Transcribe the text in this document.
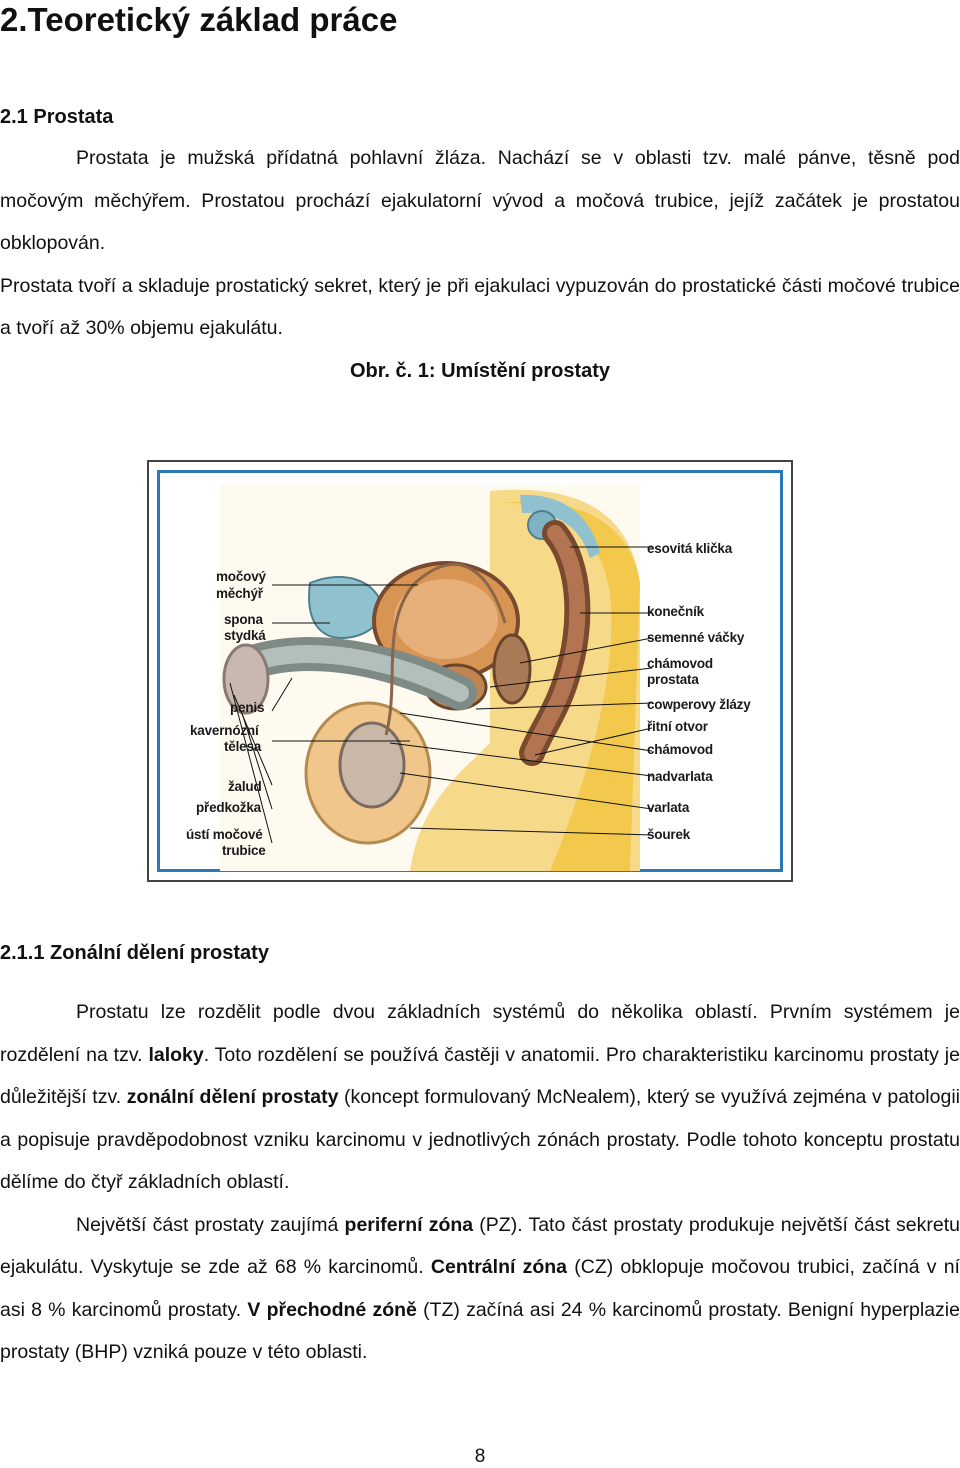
2.Teoretický základ práce
2.1 Prostata

Prostata je mužská přídatná pohlavní žláza. Nachází se v oblasti tzv. malé pánve, těsně pod močovým měchýřem. Prostatou prochází ejakulatorní vývod a močová trubice, jejíž začátek je prostatou obklopován.

Prostata tvoří a skladuje prostatický sekret, který je při ejakulaci vypuzován do prostatické části močové trubice a tvoří až 30% objemu ejakulátu.

Obr. č. 1: Umístění prostaty
močový
měchýř
spona
stydká
penis
kavernózní
tělesa
žalud
předkožka
ústí močové
trubice
esovitá klička
konečník
semenné váčky
chámovod
prostata
cowperovy žlázy
řitní otvor
chámovod
nadvarlata
varlata
šourek
2.1.1 Zonální dělení prostaty

Prostatu lze rozdělit podle dvou základních systémů do několika oblastí. Prvním systémem je rozdělení na tzv. laloky. Toto rozdělení se používá častěji v anatomii. Pro charakteristiku karcinomu prostaty je důležitější tzv. zonální dělení prostaty (koncept formulovaný McNealem), který se využívá zejména v patologii a popisuje pravděpodobnost vzniku karcinomu v jednotlivých zónách prostaty. Podle tohoto konceptu prostatu dělíme do čtyř základních oblastí.

Největší část prostaty zaujímá periferní zóna (PZ). Tato část prostaty produkuje největší část sekretu ejakulátu. Vyskytuje se zde až 68 % karcinomů. Centrální zóna (CZ) obklopuje močovou trubici, začíná v ní asi 8 % karcinomů prostaty. V přechodné zóně (TZ) začíná asi 24 % karcinomů prostaty. Benigní hyperplazie prostaty (BHP) vzniká pouze v této oblasti.

8
